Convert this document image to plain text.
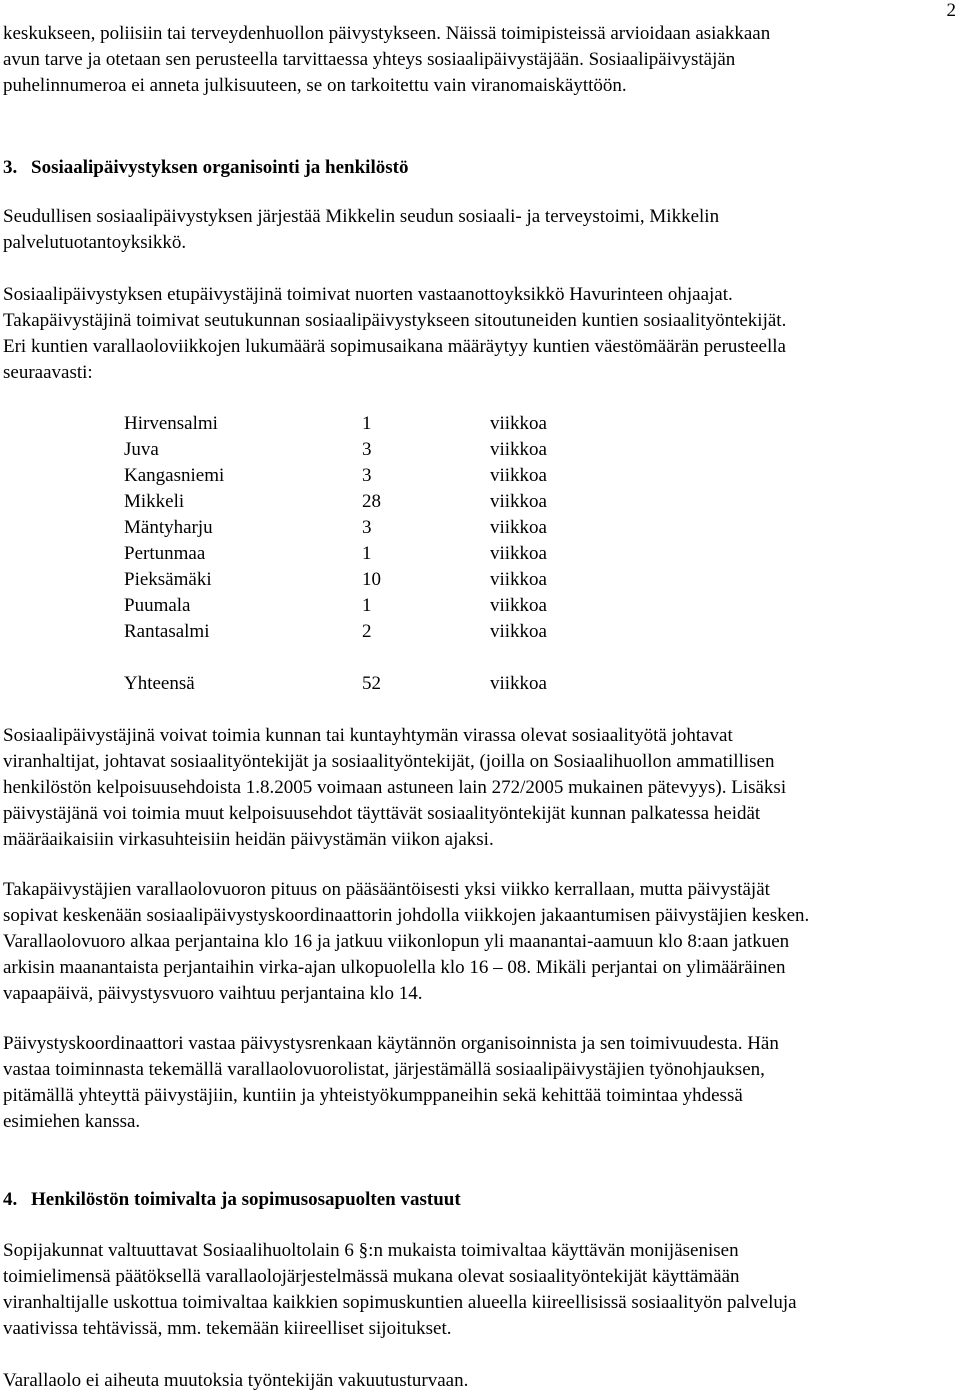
2

keskukseen, poliisiin tai terveydenhuollon päivystykseen. Näissä toimipisteissä arvioidaan asiakkaan
avun tarve ja otetaan sen perusteella tarvittaessa yhteys sosiaalipäivystäjään. Sosiaalipäivystäjän
puhelinnumeroa ei anneta julkisuuteen, se on tarkoitettu vain viranomaiskäyttöön.

3. Sosiaalipäivystyksen organisointi ja henkilöstö

Seudullisen sosiaalipäivystyksen järjestää Mikkelin seudun sosiaali- ja terveystoimi, Mikkelin
palvelutuotantoyksikkö.

Sosiaalipäivystyksen etupäivystäjinä toimivat nuorten vastaanottoyksikkö Havurinteen ohjaajat.
Takapäivystäjinä toimivat seutukunnan sosiaalipäivystykseen sitoutuneiden kuntien sosiaalityöntekijät.
Eri kuntien varallaoloviikkojen lukumäärä sopimusaikana määräytyy kuntien väestömäärän perusteella
seuraavasti:

Hirvensalmi	1	viikkoa
Juva	3	viikkoa
Kangasniemi	3	viikkoa
Mikkeli	28	viikkoa
Mäntyharju	3	viikkoa
Pertunmaa	1	viikkoa
Pieksämäki	10	viikkoa
Puumala	1	viikkoa
Rantasalmi	2	viikkoa
Yhteensä	52	viikkoa

Sosiaalipäivystäjinä voivat toimia kunnan tai kuntayhtymän virassa olevat sosiaalityötä johtavat
viranhaltijat, johtavat sosiaalityöntekijät ja sosiaalityöntekijät, (joilla on Sosiaalihuollon ammatillisen
henkilöstön kelpoisuusehdoista 1.8.2005 voimaan astuneen lain 272/2005 mukainen pätevyys). Lisäksi
päivystäjänä voi toimia muut kelpoisuusehdot täyttävät sosiaalityöntekijät kunnan palkatessa heidät
määräaikaisiin virkasuhteisiin heidän päivystämän viikon ajaksi.

Takapäivystäjien varallaolovuoron pituus on pääsääntöisesti yksi viikko kerrallaan, mutta päivystäjät
sopivat keskenään sosiaalipäivystyskoordinaattorin johdolla viikkojen jakaantumisen päivystäjien kesken.
Varallaolovuoro alkaa perjantaina klo 16 ja jatkuu viikonlopun yli maanantai-aamuun klo 8:aan jatkuen
arkisin maanantaista perjantaihin virka-ajan ulkopuolella klo 16 – 08. Mikäli perjantai on ylimääräinen
vapaapäivä, päivystysvuoro vaihtuu perjantaina klo 14.

Päivystyskoordinaattori vastaa päivystysrenkaan käytännön organisoinnista ja sen toimivuudesta. Hän
vastaa toiminnasta tekemällä varallaolovuorolistat, järjestämällä sosiaalipäivystäjien työnohjauksen,
pitämällä yhteyttä päivystäjiin, kuntiin ja yhteistyökumppaneihin sekä kehittää toimintaa yhdessä
esimiehen kanssa.

4. Henkilöstön toimivalta ja sopimusosapuolten vastuut

Sopijakunnat valtuuttavat Sosiaalihuoltolain 6 §:n mukaista toimivaltaa käyttävän monijäsenisen
toimielimensä päätöksellä varallaolojärjestelmässä mukana olevat sosiaalityöntekijät käyttämään
viranhaltijalle uskottua toimivaltaa kaikkien sopimuskuntien alueella kiireellisissä sosiaalityön palveluja
vaativissa tehtävissä, mm. tekemään kiireelliset sijoitukset.

Varallaolo ei aiheuta muutoksia työntekijän vakuutusturvaan.
